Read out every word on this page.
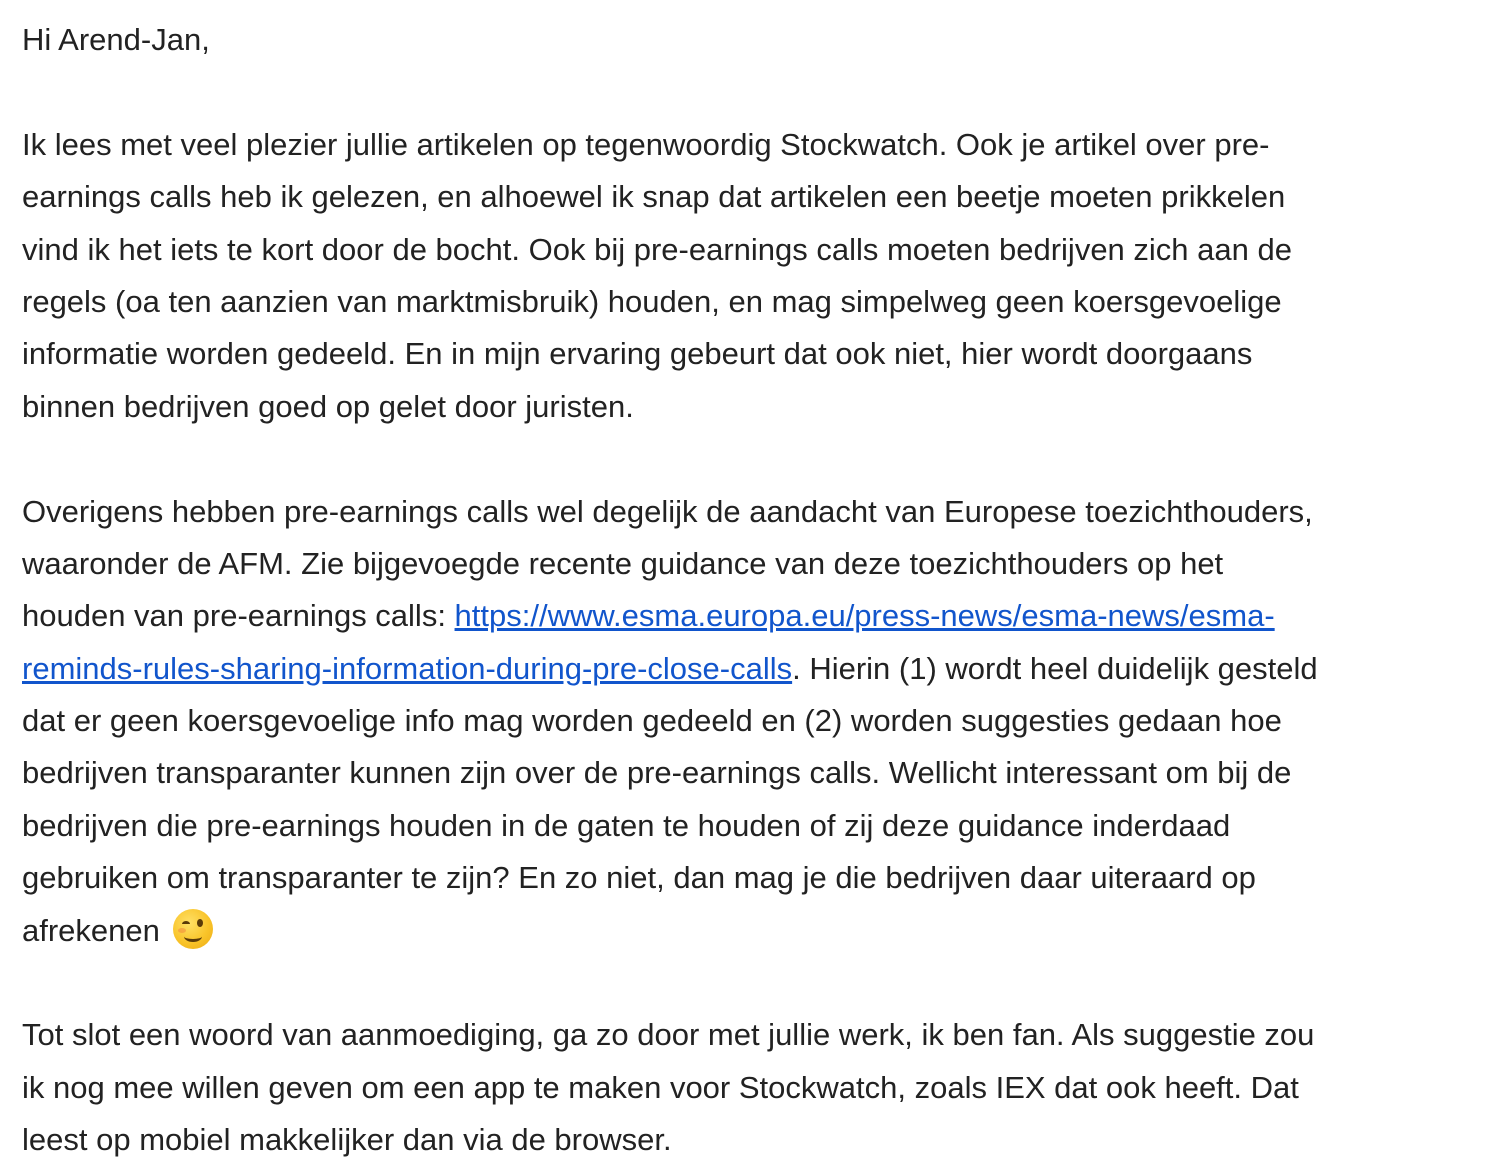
Hi Arend-Jan,
Ik lees met veel plezier jullie artikelen op tegenwoordig Stockwatch. Ook je artikel over pre-
earnings calls heb ik gelezen, en alhoewel ik snap dat artikelen een beetje moeten prikkelen
vind ik het iets te kort door de bocht. Ook bij pre-earnings calls moeten bedrijven zich aan de
regels (oa ten aanzien van marktmisbruik) houden, en mag simpelweg geen koersgevoelige
informatie worden gedeeld. En in mijn ervaring gebeurt dat ook niet, hier wordt doorgaans
binnen bedrijven goed op gelet door juristen.
Overigens hebben pre-earnings calls wel degelijk de aandacht van Europese toezichthouders,
waaronder de AFM. Zie bijgevoegde recente guidance van deze toezichthouders op het
houden van pre-earnings calls: https://www.esma.europa.eu/press-news/esma-news/esma-
reminds-rules-sharing-information-during-pre-close-calls. Hierin (1) wordt heel duidelijk gesteld
dat er geen koersgevoelige info mag worden gedeeld en (2) worden suggesties gedaan hoe
bedrijven transparanter kunnen zijn over de pre-earnings calls. Wellicht interessant om bij de
bedrijven die pre-earnings houden in de gaten te houden of zij deze guidance inderdaad
gebruiken om transparanter te zijn? En zo niet, dan mag je die bedrijven daar uiteraard op
afrekenen
Tot slot een woord van aanmoediging, ga zo door met jullie werk, ik ben fan. Als suggestie zou
ik nog mee willen geven om een app te maken voor Stockwatch, zoals IEX dat ook heeft. Dat
leest op mobiel makkelijker dan via de browser.
